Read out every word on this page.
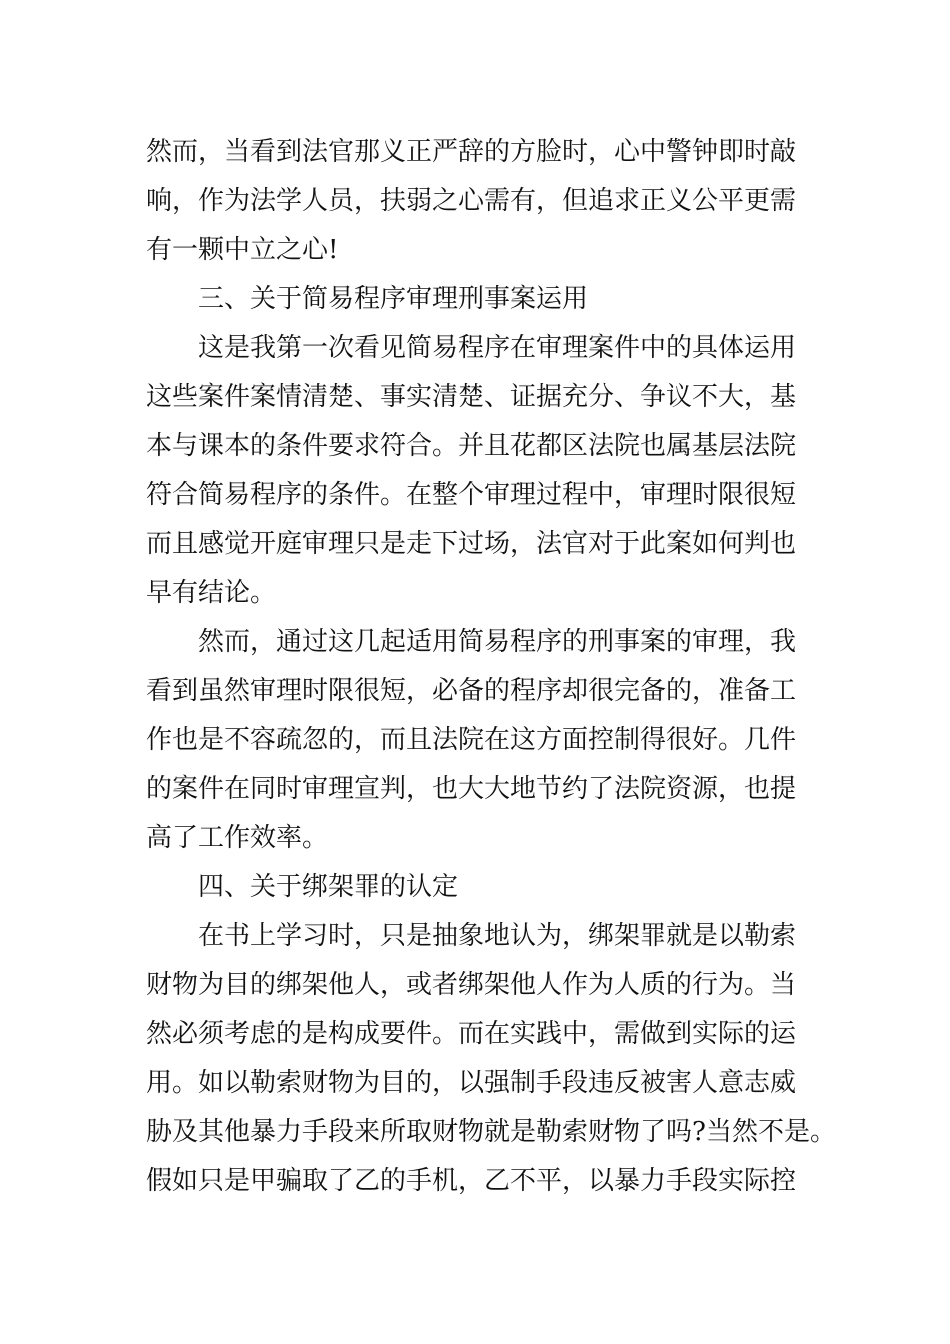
然而，当看到法官那义正严辞的方脸时，心中警钟即时敲
响，作为法学人员，扶弱之心需有，但追求正义公平更需
有一颗中立之心!
三、关于简易程序审理刑事案运用
这是我第一次看见简易程序在审理案件中的具体运用
这些案件案情清楚、事实清楚、证据充分、争议不大，基
本与课本的条件要求符合。并且花都区法院也属基层法院
符合简易程序的条件。在整个审理过程中，审理时限很短
而且感觉开庭审理只是走下过场，法官对于此案如何判也
早有结论。
然而，通过这几起适用简易程序的刑事案的审理，我
看到虽然审理时限很短，必备的程序却很完备的，准备工
作也是不容疏忽的，而且法院在这方面控制得很好。几件
的案件在同时审理宣判，也大大地节约了法院资源，也提
高了工作效率。
四、关于绑架罪的认定
在书上学习时，只是抽象地认为，绑架罪就是以勒索
财物为目的绑架他人，或者绑架他人作为人质的行为。当
然必须考虑的是构成要件。而在实践中，需做到实际的运
用。如以勒索财物为目的，以强制手段违反被害人意志威
胁及其他暴力手段来所取财物就是勒索财物了吗?当然不是。
假如只是甲骗取了乙的手机，乙不平，以暴力手段实际控
